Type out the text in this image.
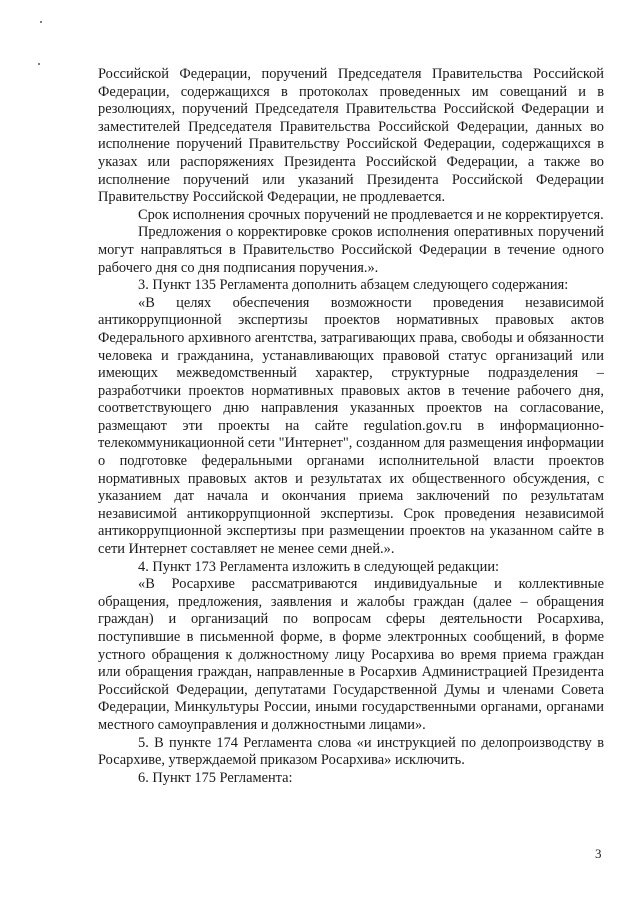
Российской Федерации, поручений Председателя Правительства Российской Федерации, содержащихся в протоколах проведенных им совещаний и в резолюциях, поручений Председателя Правительства Российской Федерации и заместителей Председателя Правительства Российской Федерации, данных во исполнение поручений Правительству Российской Федерации, содержащихся в указах или распоряжениях Президента Российской Федерации, а также во исполнение поручений или указаний Президента Российской Федерации Правительству Российской Федерации, не продлевается.

Срок исполнения срочных поручений не продлевается и не корректируется.

Предложения о корректировке сроков исполнения оперативных поручений могут направляться в Правительство Российской Федерации в течение одного рабочего дня со дня подписания поручения.».

3. Пункт 135 Регламента дополнить абзацем следующего содержания:

«В целях обеспечения возможности проведения независимой антикоррупционной экспертизы проектов нормативных правовых актов Федерального архивного агентства, затрагивающих права, свободы и обязанности человека и гражданина, устанавливающих правовой статус организаций или имеющих межведомственный характер, структурные подразделения – разработчики проектов нормативных правовых актов в течение рабочего дня, соответствующего дню направления указанных проектов на согласование, размещают эти проекты на сайте regulation.gov.ru в информационно-телекоммуникационной сети "Интернет", созданном для размещения информации о подготовке федеральными органами исполнительной власти проектов нормативных правовых актов и результатах их общественного обсуждения, с указанием дат начала и окончания приема заключений по результатам независимой антикоррупционной экспертизы. Срок проведения независимой антикоррупционной экспертизы при размещении проектов на указанном сайте в сети Интернет составляет не менее семи дней.».

4. Пункт 173 Регламента изложить в следующей редакции:

«В Росархиве рассматриваются индивидуальные и коллективные обращения, предложения, заявления и жалобы граждан (далее – обращения граждан) и организаций по вопросам сферы деятельности Росархива, поступившие в письменной форме, в форме электронных сообщений, в форме устного обращения к должностному лицу Росархива во время приема граждан или обращения граждан, направленные в Росархив Администрацией Президента Российской Федерации, депутатами Государственной Думы и членами Совета Федерации, Минкультуры России, иными государственными органами, органами местного самоуправления и должностными лицами».

5. В пункте 174 Регламента слова «и инструкцией по делопроизводству в Росархиве, утверждаемой приказом Росархива» исключить.

6. Пункт 175 Регламента:

3
